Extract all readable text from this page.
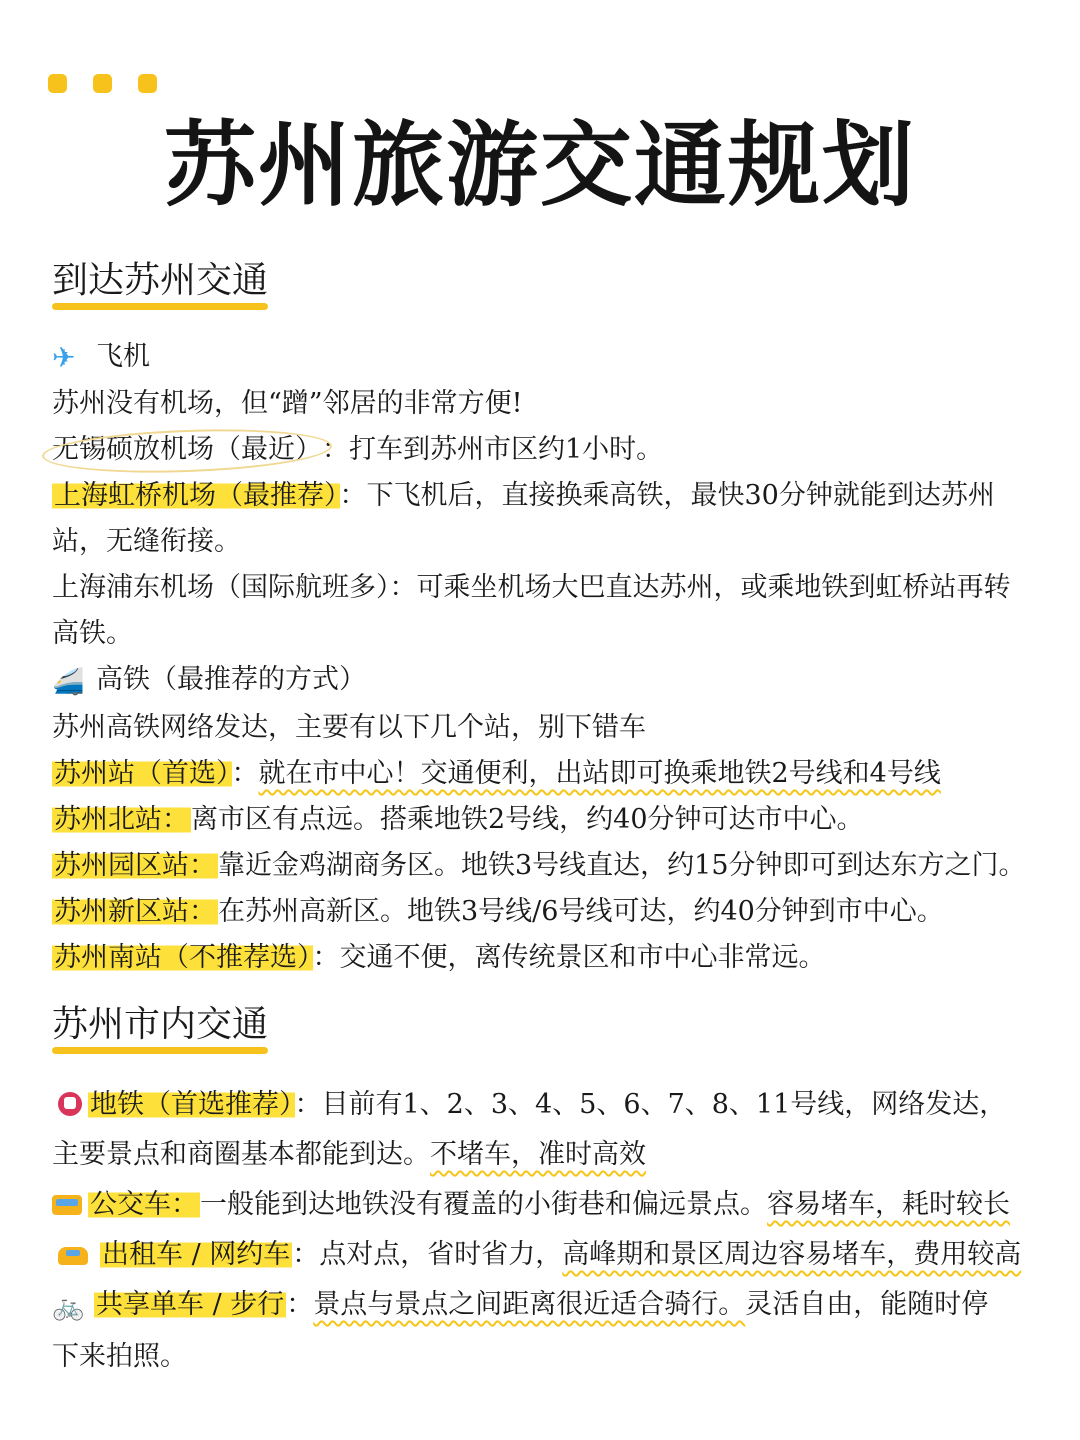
苏州旅游交通规划
到达苏州交通
✈ 飞机
苏州没有机场，但“蹭”邻居的非常方便!
无锡硕放机场（最近）：打车到苏州市区约1小时。
上海虹桥机场（最推荐）：下飞机后，直接换乘高铁，最快30分钟就能到达苏州站，无缝衔接。
上海浦东机场（国际航班多）：可乘坐机场大巴直达苏州，或乘地铁到虹桥站再转高铁。
🚄 高铁（最推荐的方式）
苏州高铁网络发达，主要有以下几个站，别下错车
苏州站（首选）：就在市中心！交通便利，出站即可换乘地铁2号线和4号线
苏州北站：离市区有点远。搭乘地铁2号线，约40分钟可达市中心。
苏州园区站：靠近金鸡湖商务区。地铁3号线直达，约15分钟即可到达东方之门。
苏州新区站：在苏州高新区。地铁3号线/6号线可达，约40分钟到市中心。
苏州南站（不推荐选）：交通不便，离传统景区和市中心非常远。
苏州市内交通
地铁（首选推荐）：目前有1、2、3、4、5、6、7、8、11号线，网络发达，主要景点和商圈基本都能到达。不堵车，准时高效
公交车：一般能到达地铁没有覆盖的小街巷和偏远景点。容易堵车，耗时较长
出租车 / 网约车：点对点，省时省力，高峰期和景区周边容易堵车，费用较高
🚲 共享单车 / 步行：景点与景点之间距离很近适合骑行。灵活自由，能随时停下来拍照。
